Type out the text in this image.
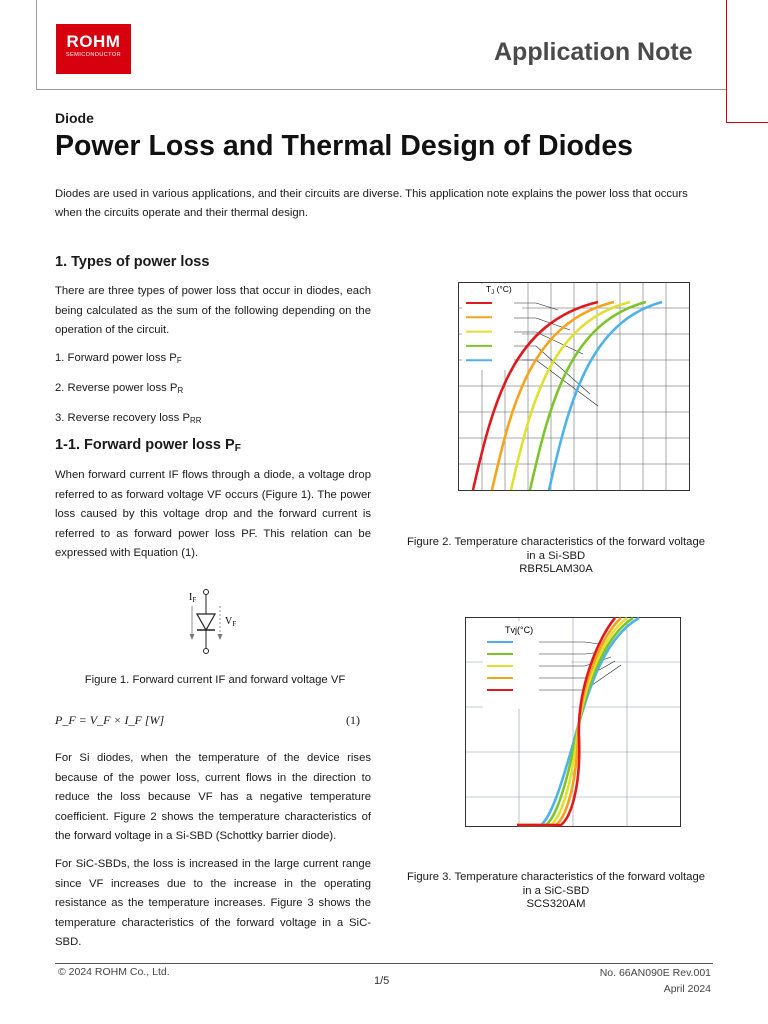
ROHM
SEMICONDUCTOR	Application Note
Diode
Power Loss and Thermal Design of Diodes
Diodes are used in various applications, and their circuits are diverse. This application note explains the power loss that occurs when the circuits operate and their thermal design.
1. Types of power loss
There are three types of power loss that occur in diodes, each being calculated as the sum of the following depending on the operation of the circuit.
1. Forward power loss $P_F$
2. Reverse power loss $P_R$
3. Reverse recovery loss $P_{RR}$
1-1. Forward power loss $P_F$
When forward current IF flows through a diode, a voltage drop referred to as forward voltage VF occurs (Figure 1). The power loss caused by this voltage drop and the forward current is referred to as forward power loss PF. This relation can be expressed with Equation (1).
$I_F$
$V_F$
Figure 1. Forward current IF and forward voltage VF
P_F = V_F × I_F [W]	(1)
For Si diodes, when the temperature of the device rises because of the power loss, current flows in the direction to reduce the loss because VF has a negative temperature coefficient. Figure 2 shows the temperature characteristics of the forward voltage in a Si-SBD (Schottky barrier diode).
For SiC-SBDs, the loss is increased in the large current range since VF increases due to the increase in the operating resistance as the temperature increases. Figure 3 shows the temperature characteristics of the forward voltage in a SiC-SBD.
$T_J$ (°C)
Figure 2. Temperature characteristics of the forward voltage
in a Si-SBD
RBR5LAM30A
Tvj(°C)
Figure 3. Temperature characteristics of the forward voltage
in a SiC-SBD
SCS320AM
© 2024 ROHM Co., Ltd.
1/5
No. 66AN090E Rev.001
April 2024
